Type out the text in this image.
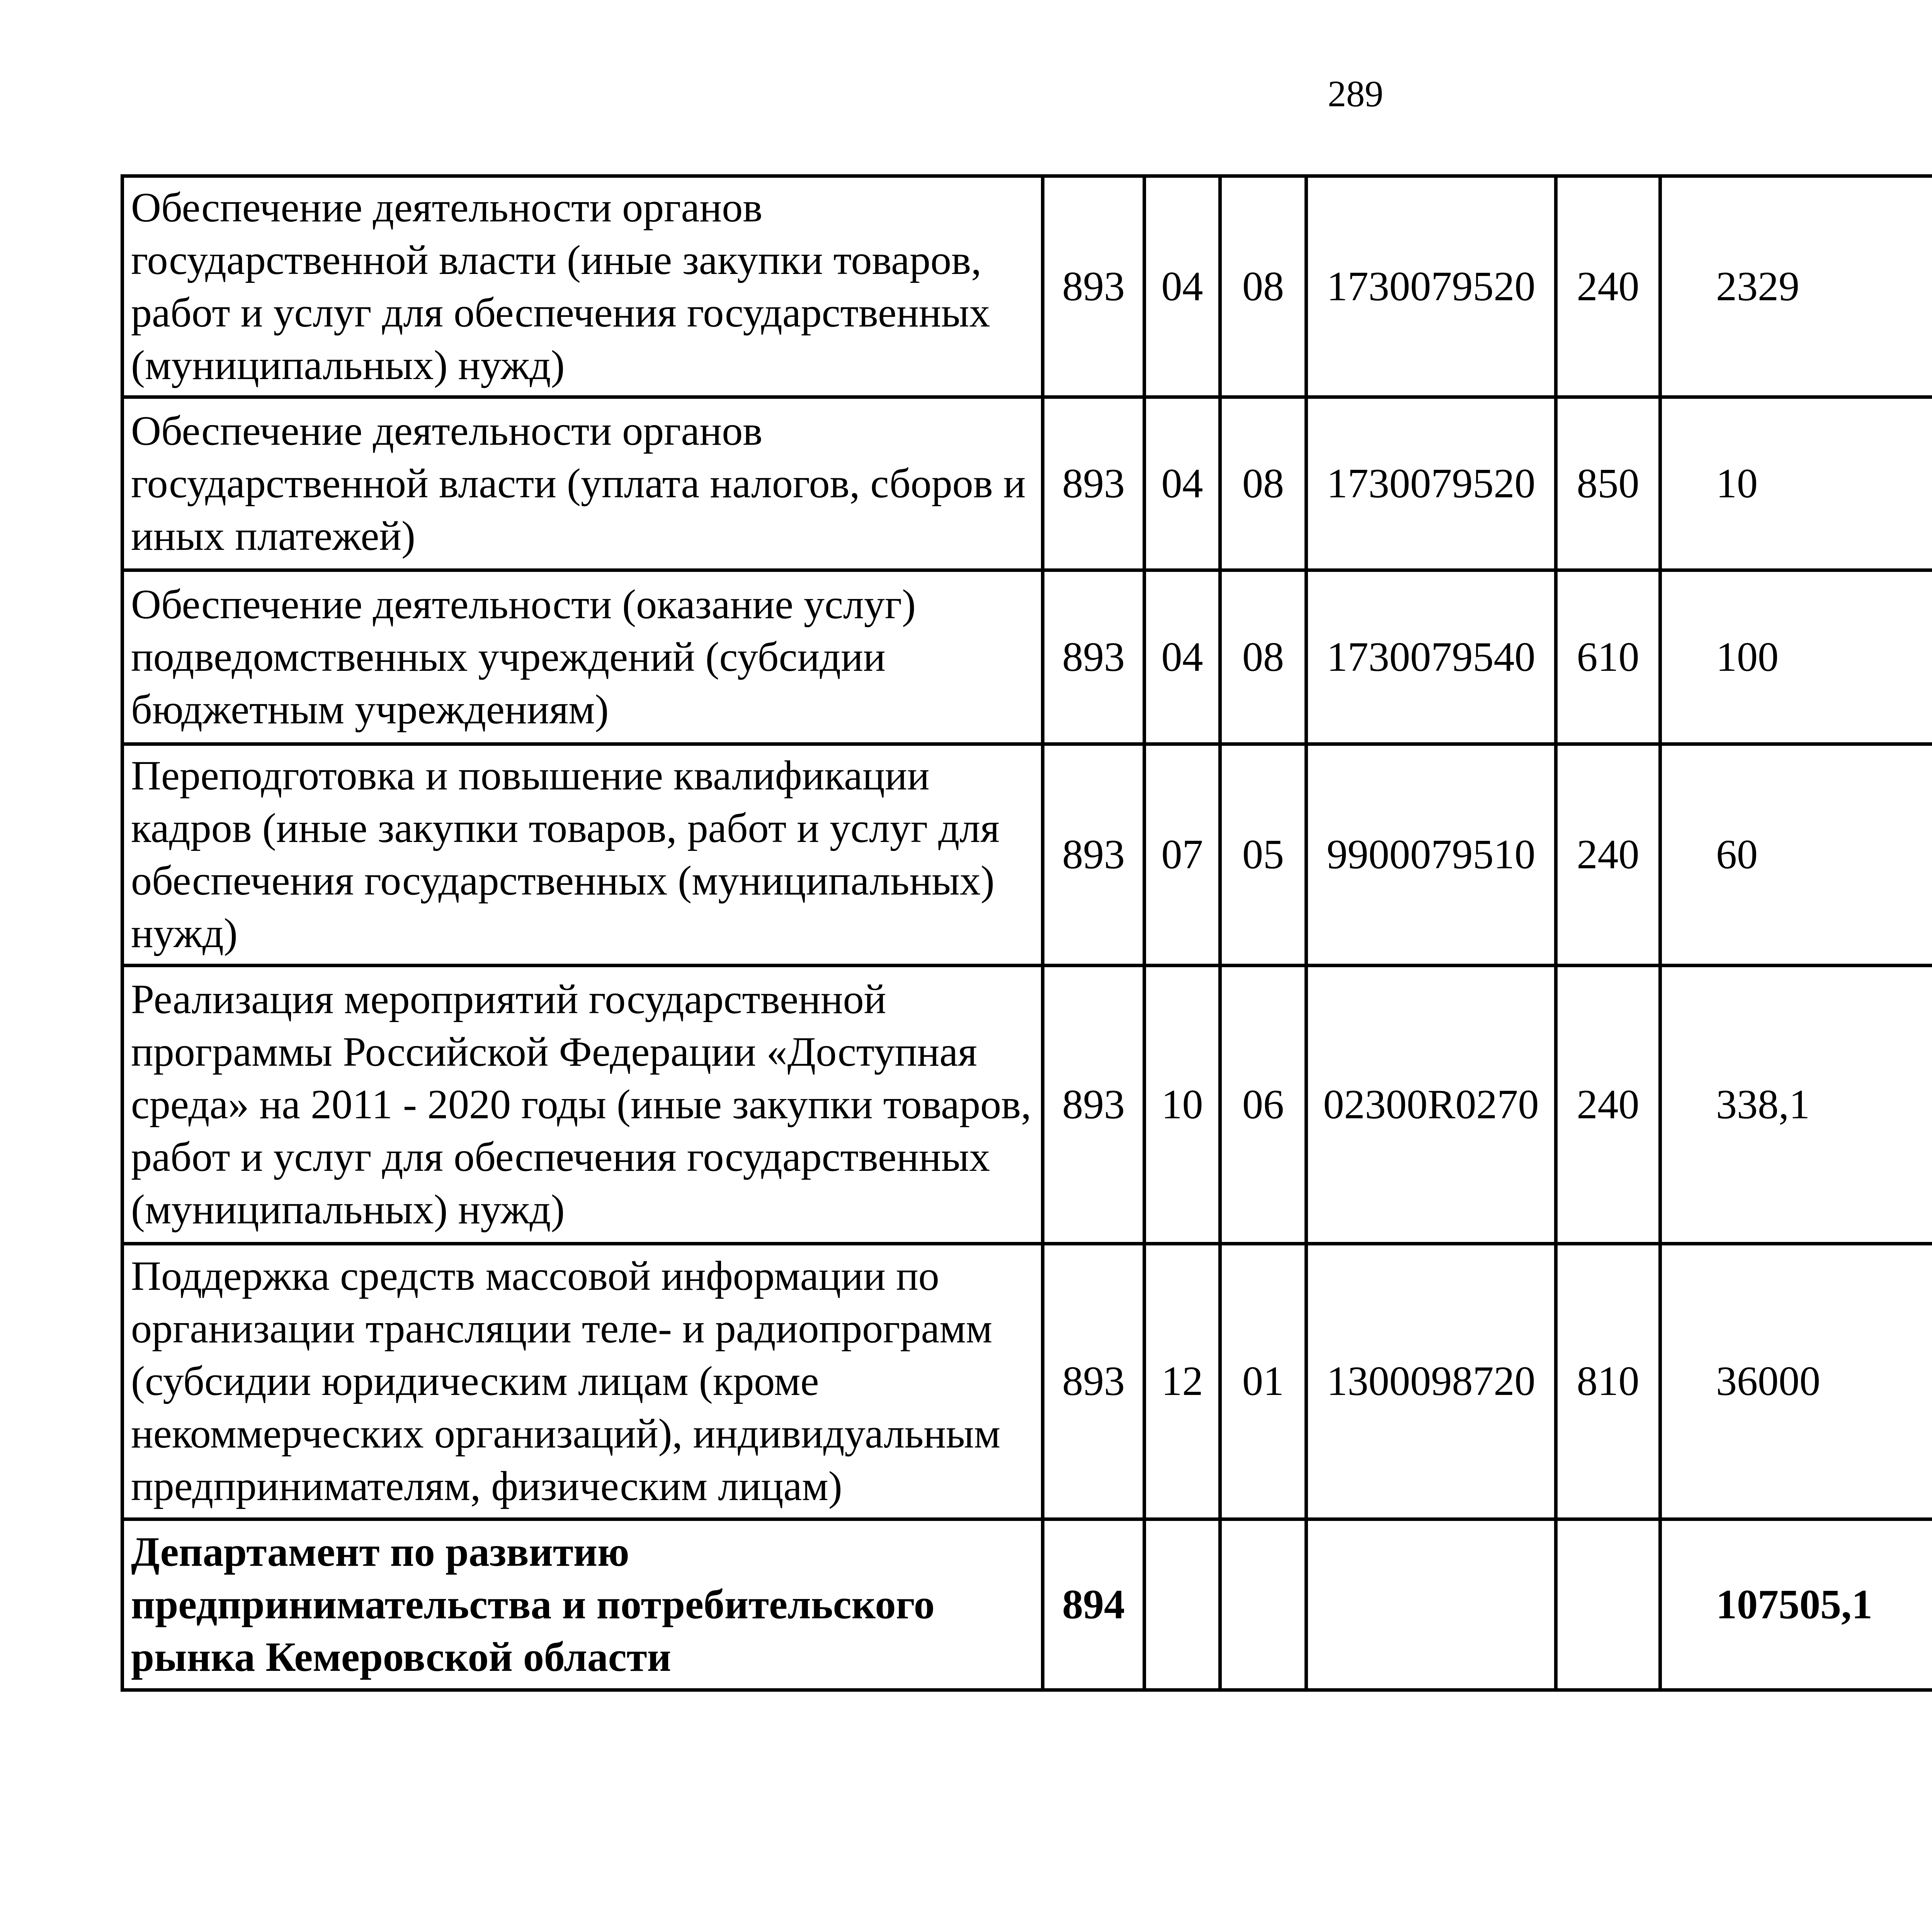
289
Обеспечение деятельности органов государственной власти (иные закупки товаров, работ и услуг для обеспечения государственных (муниципальных) нужд)	893	04	08	1730079520	240	2329		
Обеспечение деятельности органов государственной власти (уплата налогов, сборов и иных платежей)	893	04	08	1730079520	850	10		
Обеспечение деятельности (оказание услуг) подведомственных учреждений (субсидии бюджетным учреждениям)	893	04	08	1730079540	610	100		
Переподготовка и повышение квалификации кадров (иные закупки товаров, работ и услуг для обеспечения государственных (муниципальных) нужд)	893	07	05	9900079510	240	60		
Реализация мероприятий государственной программы Российской Федерации «Доступная среда» на 2011 - 2020 годы (иные закупки товаров, работ и услуг для обеспечения государственных (муниципальных) нужд)	893	10	06	02300R0270	240	338,1		
Поддержка средств массовой информации по организации трансляции теле- и радиопрограмм (субсидии юридическим лицам (кроме некоммерческих организаций), индивидуальным предпринимателям, физическим лицам)	893	12	01	1300098720	810	36000		
Департамент по развитию предпринимательства и потребительского рынка Кемеровской области	894					107505,1		
